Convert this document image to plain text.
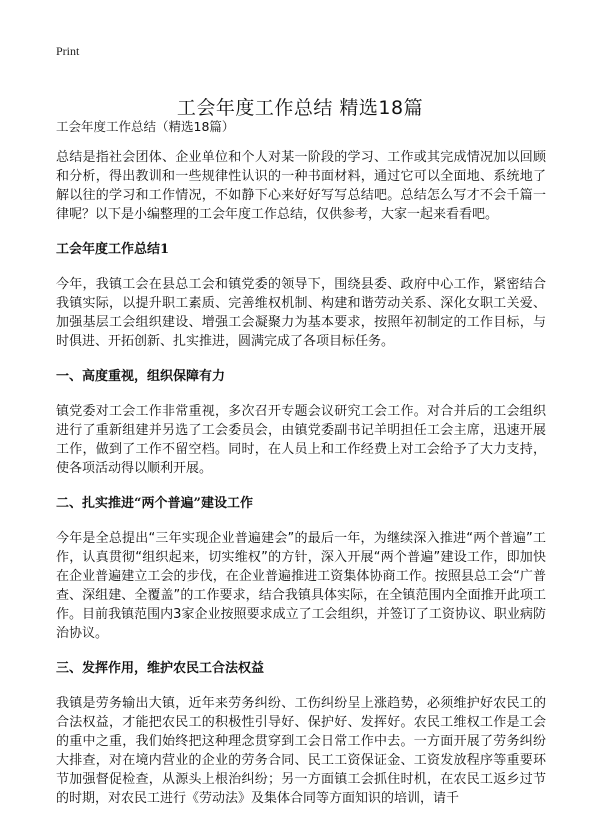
Print
工会年度工作总结 精选18篇

工会年度工作总结（精选18篇）

总结是指社会团体、企业单位和个人对某一阶段的学习、工作或其完成情况加以回顾和分析，得出教训和一些规律性认识的一种书面材料，通过它可以全面地、系统地了解以往的学习和工作情况，不如静下心来好好写写总结吧。总结怎么写才不会千篇一律呢？以下是小编整理的工会年度工作总结，仅供参考，大家一起来看看吧。

工会年度工作总结1

今年，我镇工会在县总工会和镇党委的领导下，围绕县委、政府中心工作，紧密结合我镇实际，以提升职工素质、完善维权机制、构建和谐劳动关系、深化女职工关爱、加强基层工会组织建设、增强工会凝聚力为基本要求，按照年初制定的工作目标，与时俱进、开拓创新、扎实推进，圆满完成了各项目标任务。

一、高度重视，组织保障有力

镇党委对工会工作非常重视，多次召开专题会议研究工会工作。对合并后的工会组织进行了重新组建并另选了工会委员会，由镇党委副书记羊明担任工会主席，迅速开展工作，做到了工作不留空档。同时，在人员上和工作经费上对工会给予了大力支持，使各项活动得以顺利开展。

二、扎实推进“两个普遍”建设工作

今年是全总提出“三年实现企业普遍建会”的最后一年，为继续深入推进“两个普遍”工作，认真贯彻“组织起来，切实维权”的方针，深入开展“两个普遍”建设工作，即加快在企业普遍建立工会的步伐，在企业普遍推进工资集体协商工作。按照县总工会“广普查、深组建、全覆盖”的工作要求，结合我镇具体实际，在全镇范围内全面推开此项工作。目前我镇范围内3家企业按照要求成立了工会组织，并签订了工资协议、职业病防治协议。

三、发挥作用，维护农民工合法权益

我镇是劳务输出大镇，近年来劳务纠纷、工伤纠纷呈上涨趋势，必须维护好农民工的合法权益，才能把农民工的积极性引导好、保护好、发挥好。农民工维权工作是工会的重中之重，我们始终把这种理念贯穿到工会日常工作中去。一方面开展了劳务纠纷大排查，对在境内营业的企业的劳务合同、民工工资保证金、工资发放程序等重要环节加强督促检查，从源头上根治纠纷；另一方面镇工会抓住时机，在农民工返乡过节的时期，对农民工进行《劳动法》及集体合同等方面知识的培训，请千
